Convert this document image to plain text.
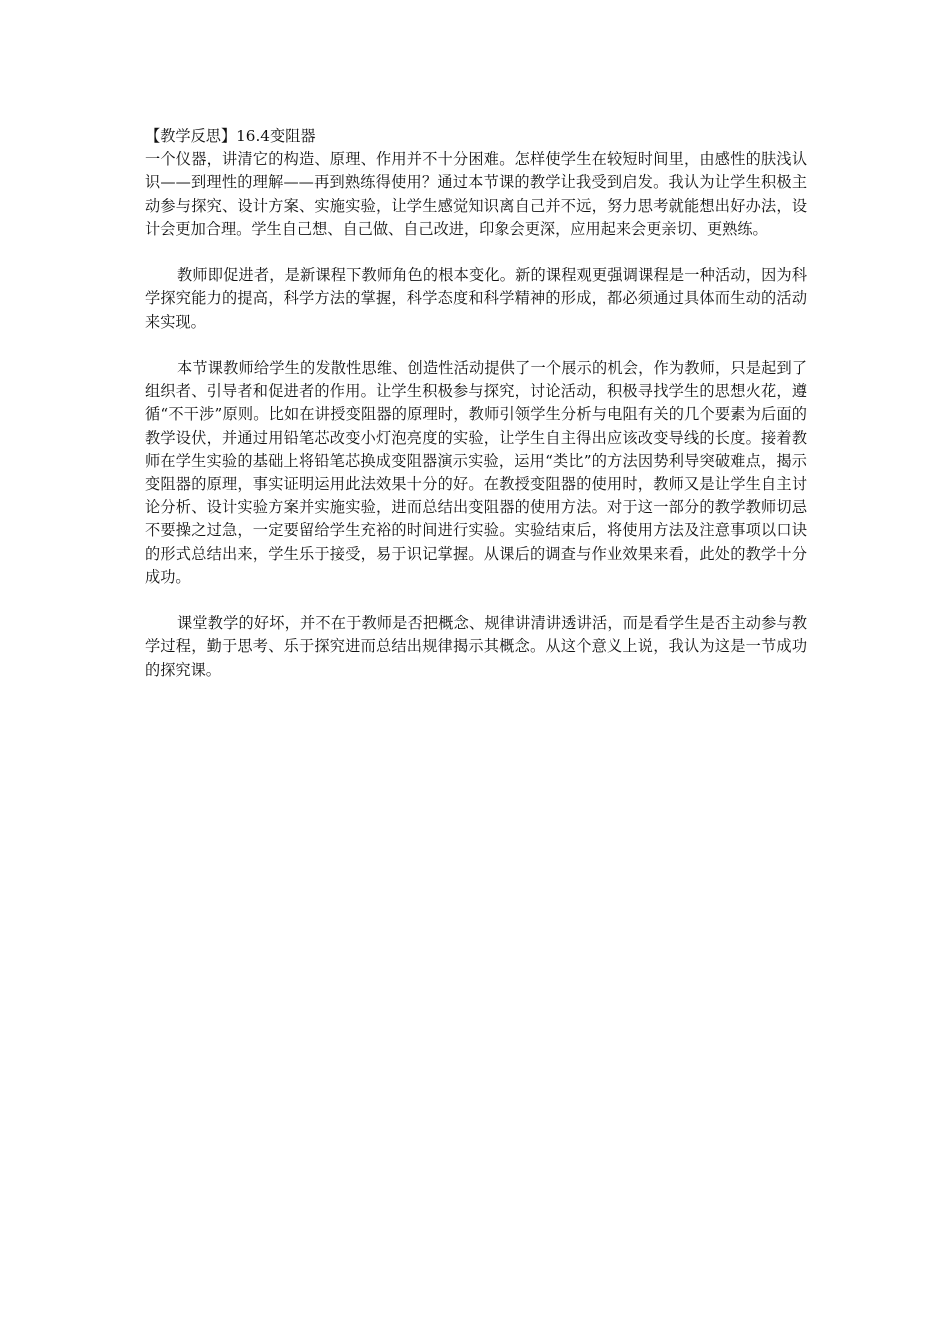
【教学反思】16.4变阻器

一个仪器，讲清它的构造、原理、作用并不十分困难。怎样使学生在较短时间里，由感性的肤浅认识——到理性的理解——再到熟练得使用？通过本节课的教学让我受到启发。我认为让学生积极主动参与探究、设计方案、实施实验，让学生感觉知识离自己并不远，努力思考就能想出好办法，设计会更加合理。学生自己想、自己做、自己改进，印象会更深，应用起来会更亲切、更熟练。

教师即促进者，是新课程下教师角色的根本变化。新的课程观更强调课程是一种活动，因为科学探究能力的提高，科学方法的掌握，科学态度和科学精神的形成，都必须通过具体而生动的活动来实现。

本节课教师给学生的发散性思维、创造性活动提供了一个展示的机会，作为教师，只是起到了组织者、引导者和促进者的作用。让学生积极参与探究，讨论活动，积极寻找学生的思想火花，遵循“不干涉”原则。比如在讲授变阻器的原理时，教师引领学生分析与电阻有关的几个要素为后面的教学设伏，并通过用铅笔芯改变小灯泡亮度的实验，让学生自主得出应该改变导线的长度。接着教师在学生实验的基础上将铅笔芯换成变阻器演示实验，运用“类比”的方法因势利导突破难点，揭示变阻器的原理，事实证明运用此法效果十分的好。在教授变阻器的使用时，教师又是让学生自主讨论分析、设计实验方案并实施实验，进而总结出变阻器的使用方法。对于这一部分的教学教师切忌不要操之过急，一定要留给学生充裕的时间进行实验。实验结束后，将使用方法及注意事项以口诀的形式总结出来，学生乐于接受，易于识记掌握。从课后的调查与作业效果来看，此处的教学十分成功。

课堂教学的好坏，并不在于教师是否把概念、规律讲清讲透讲活，而是看学生是否主动参与教学过程，勤于思考、乐于探究进而总结出规律揭示其概念。从这个意义上说，我认为这是一节成功的探究课。
